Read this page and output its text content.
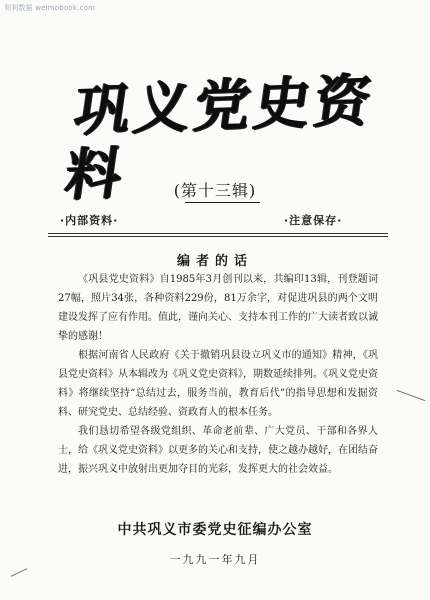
利利数据 weimobook.com
巩义党史资料	(第十三辑)
·内部资料·	·注意保存·
编者的话

《巩县党史资料》自1985年3月创刊以来，共编印13辑，刊登题词27幅，照片34张，各种资料229份，81万余字，对促进巩县的两个文明建设发挥了应有作用。值此，谨向关心、支持本刊工作的广大读者致以诚挚的感谢！

根据河南省人民政府《关于撤销巩县设立巩义市的通知》精神，《巩县党史资料》从本辑改为《巩义党史资料》，期数延续排列。《巩义党史资料》将继续坚持“总结过去，服务当前，教育后代”的指导思想和发掘资料、研究党史、总结经验、资政育人的根本任务。

我们恳切希望各级党组织、革命老前辈、广大党员、干部和各界人士，给《巩义党史资料》以更多的关心和支持，使之越办越好，在团结奋进，振兴巩义中放射出更加夺目的光彩，发挥更大的社会效益。

中共巩义市委党史征编办公室
一九九一年九月
